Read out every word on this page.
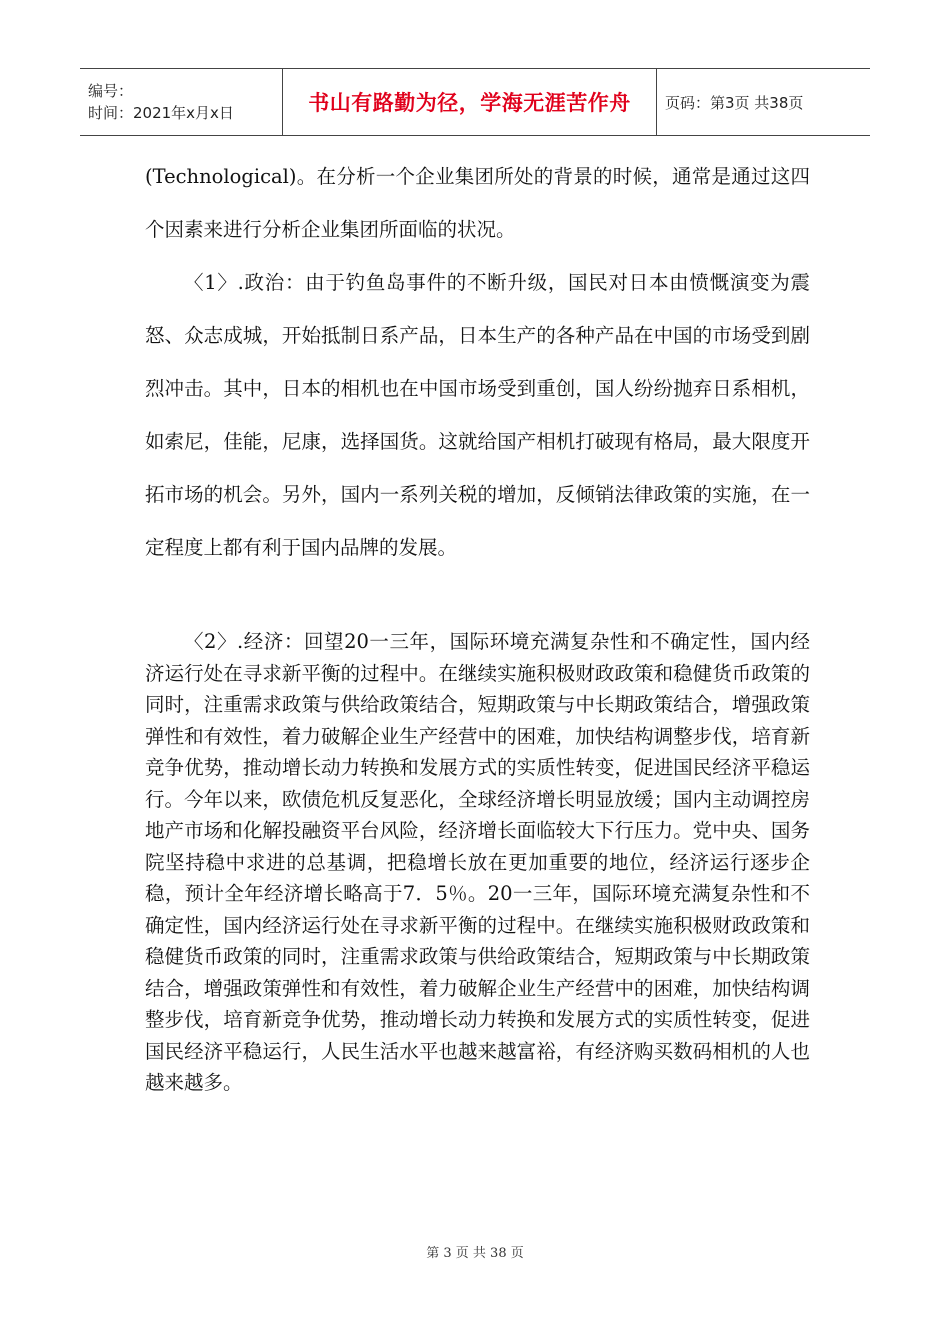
编号：
时间：2021年x月x日	书山有路勤为径，学海无涯苦作舟 页码：第3页 共38页

(Technological)。在分析一个企业集团所处的背景的时候，通常是通过这四个因素来进行分析企业集团所面临的状况。

〈1〉.政治：由于钓鱼岛事件的不断升级，国民对日本由愤慨演变为震怒、众志成城，开始抵制日系产品，日本生产的各种产品在中国的市场受到剧烈冲击。其中，日本的相机也在中国市场受到重创，国人纷纷抛弃日系相机，如索尼，佳能，尼康，选择国货。这就给国产相机打破现有格局，最大限度开拓市场的机会。另外，国内一系列关税的增加，反倾销法律政策的实施，在一定程度上都有利于国内品牌的发展。

〈2〉.经济：回望20一三年，国际环境充满复杂性和不确定性，国内经济运行处在寻求新平衡的过程中。在继续实施积极财政政策和稳健货币政策的同时，注重需求政策与供给政策结合，短期政策与中长期政策结合，增强政策弹性和有效性，着力破解企业生产经营中的困难，加快结构调整步伐，培育新竞争优势，推动增长动力转换和发展方式的实质性转变，促进国民经济平稳运行。今年以来，欧债危机反复恶化，全球经济增长明显放缓；国内主动调控房地产市场和化解投融资平台风险，经济增长面临较大下行压力。党中央、国务院坚持稳中求进的总基调，把稳增长放在更加重要的地位，经济运行逐步企稳，预计全年经济增长略高于7．5％。20一三年，国际环境充满复杂性和不确定性，国内经济运行处在寻求新平衡的过程中。在继续实施积极财政政策和稳健货币政策的同时，注重需求政策与供给政策结合，短期政策与中长期政策结合，增强政策弹性和有效性，着力破解企业生产经营中的困难，加快结构调整步伐，培育新竞争优势，推动增长动力转换和发展方式的实质性转变，促进国民经济平稳运行，人民生活水平也越来越富裕，有经济购买数码相机的人也越来越多。

第 3 页 共 38 页
